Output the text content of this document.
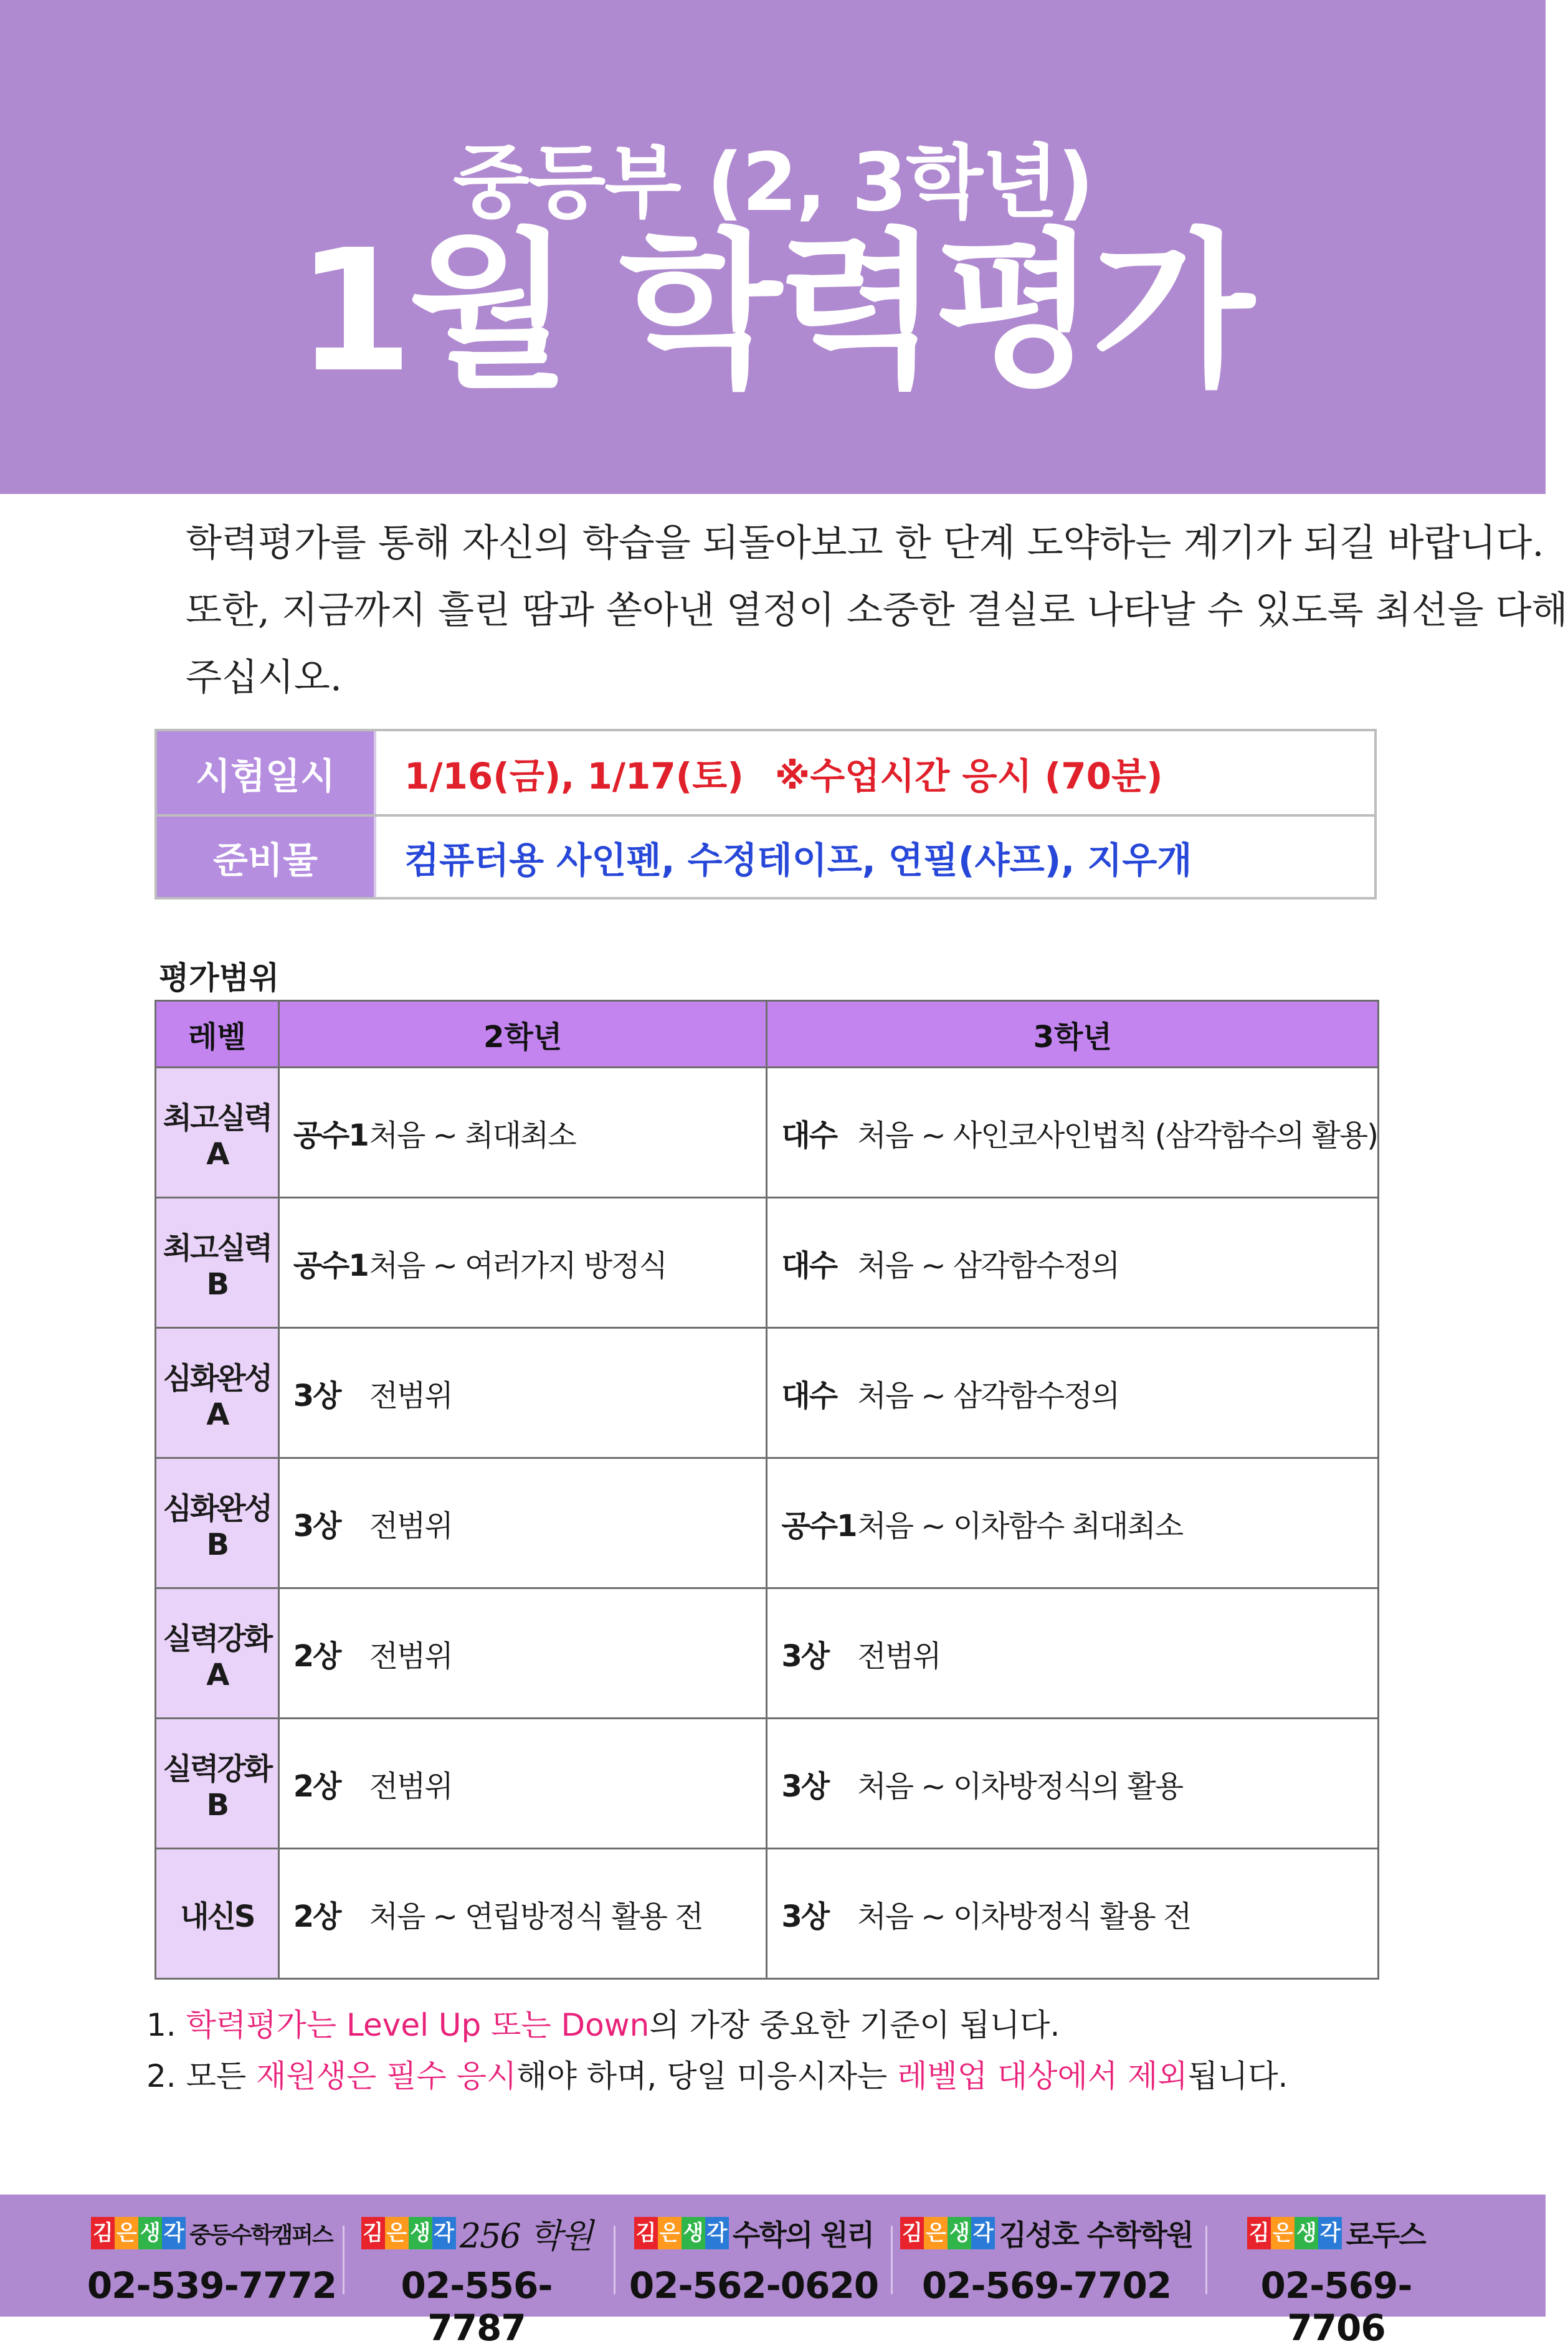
중등부 (2, 3학년)
1월 학력평가

학력평가를 통해 자신의 학습을 되돌아보고 한 단계 도약하는 계기가 되길 바랍니다.

또한, 지금까지 흘린 땀과 쏟아낸 열정이 소중한 결실로 나타날 수 있도록 최선을 다해

주십시오.

시험일시	1/16(금), 1/17(토) ※수업시간 응시 (70분)
준비물	컴퓨터용 사인펜, 수정테이프, 연필(샤프), 지우개
평가범위
레벨	2학년	3학년
최고실력A	공수1 처음 ~ 최대최소	대수 처음 ~ 사인코사인법칙 (삼각함수의 활용)

최고실력B	공수1 처음 ~ 여러가지 방정식	대수 처음 ~ 삼각함수정의

심화완성A	3상 전범위	대수 처음 ~ 삼각함수정의

심화완성B	3상 전범위	공수1 처음 ~ 이차함수 최대최소

실력강화A	2상 전범위	3상 전범위

실력강화B	2상 전범위	3상 처음 ~ 이차방정식의 활용

내신S	2상 처음 ~ 연립방정식 활용 전	3상 처음 ~ 이차방정식 활용 전
1. 학력평가는 Level Up 또는 Down의 가장 중요한 기준이 됩니다.
2. 모든 재원생은 필수 응시해야 하며, 당일 미응시자는 레벨업 대상에서 제외됩니다.
김 은 생 각 중등수학캠퍼스
02-539-7772
김 은 생 각 256 학원
02-556-7787
김 은 생 각 수학의 원리
02-562-0620
김 은 생 각 김성호 수학학원
02-569-7702
김 은 생 각 로두스
02-569-7706
